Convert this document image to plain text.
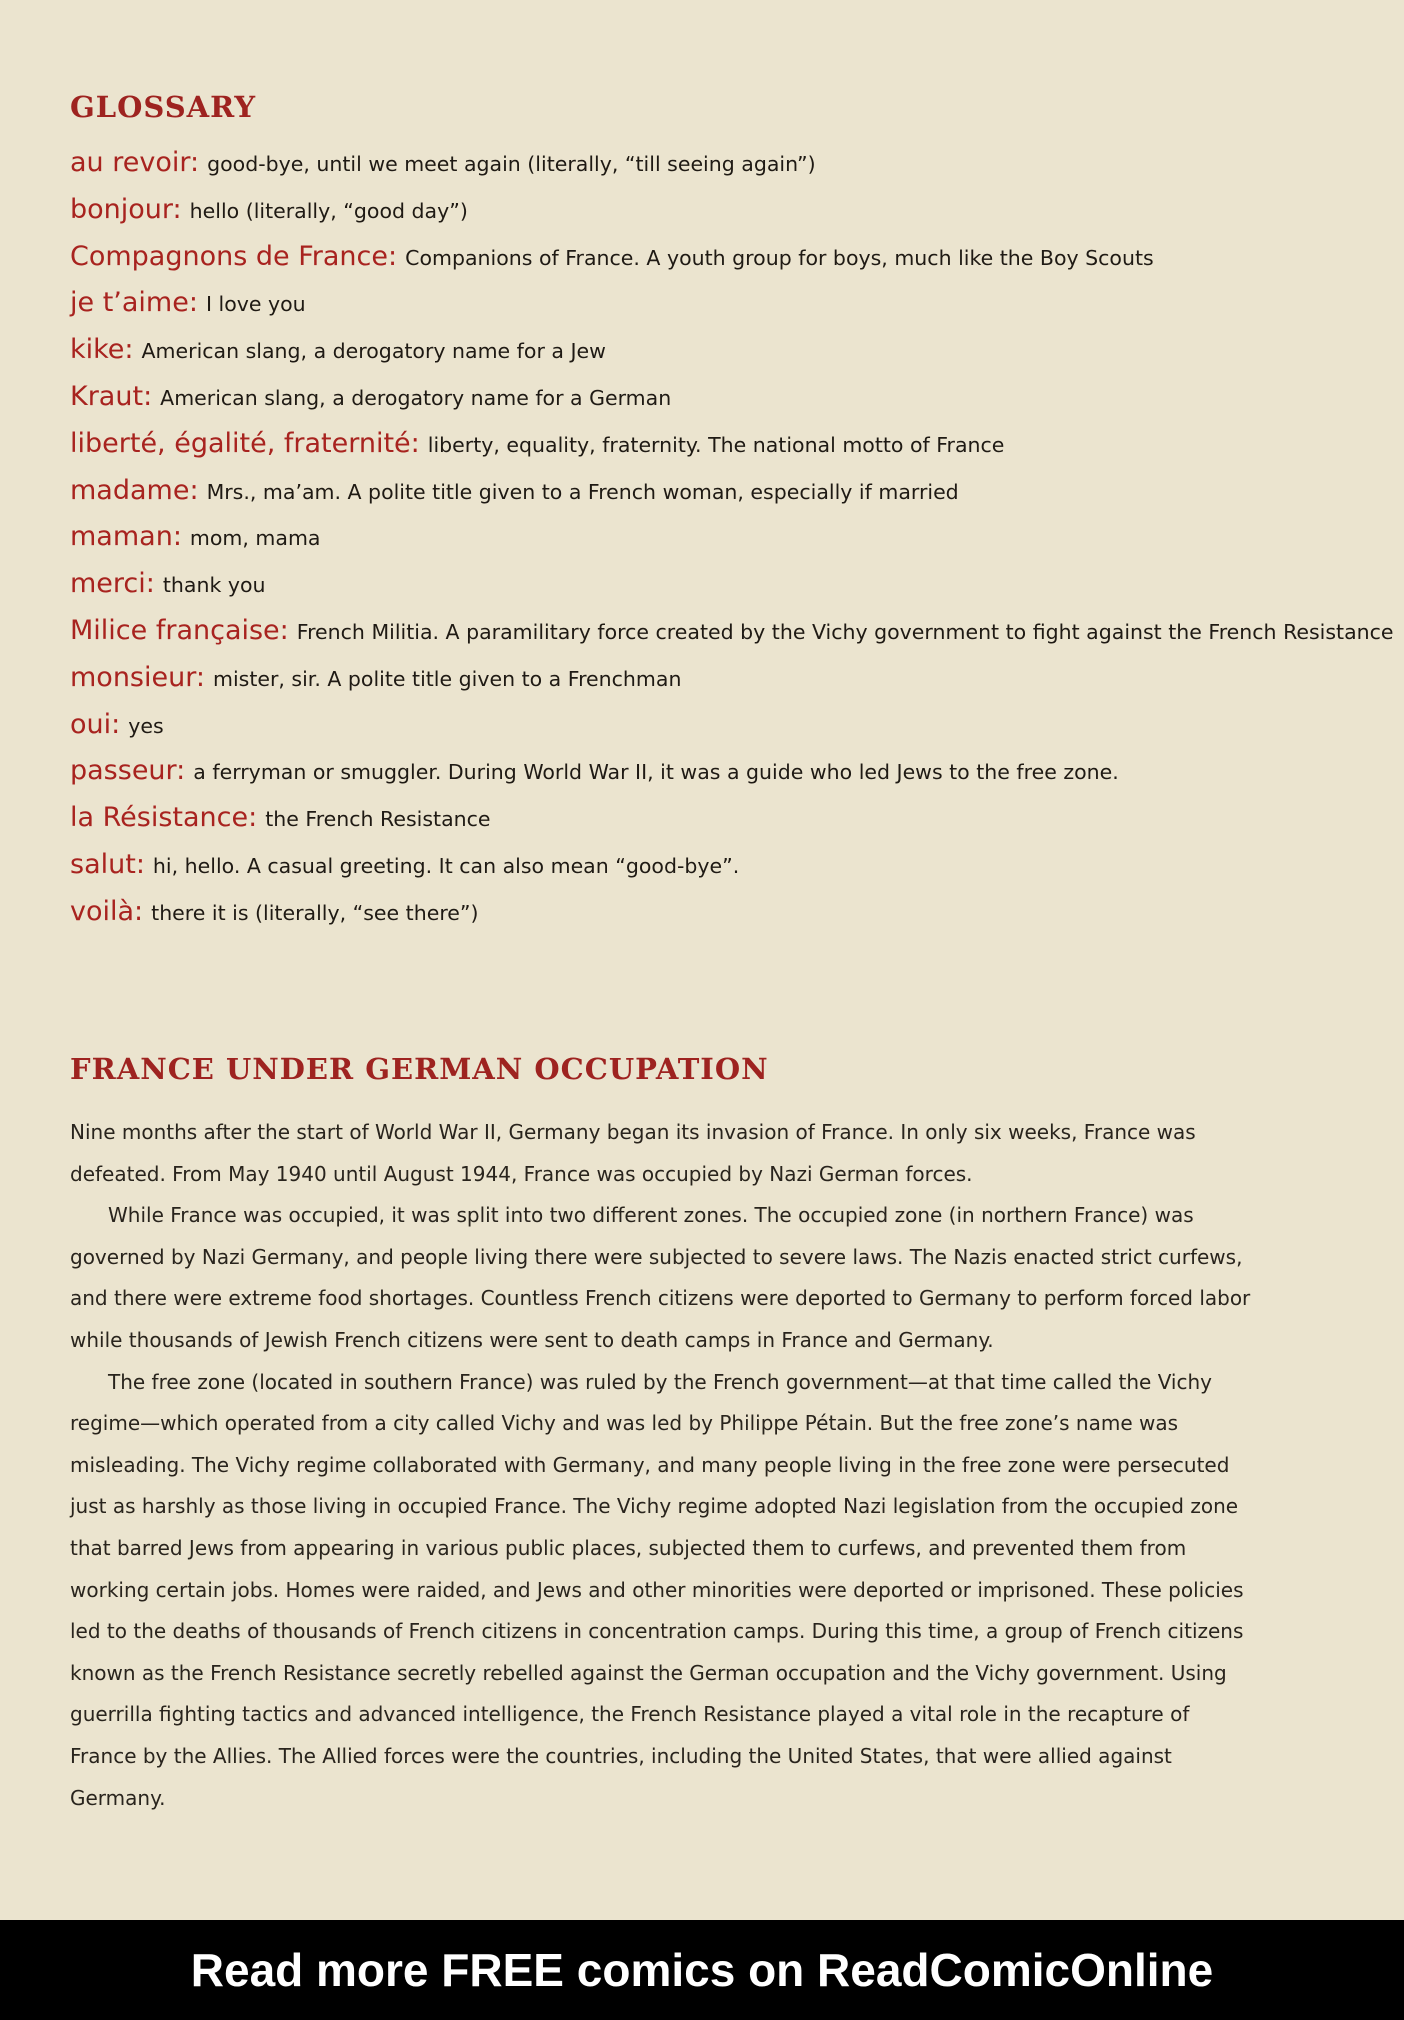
GLOSSARY
au revoir: good-bye, until we meet again (literally, “till seeing again”)
bonjour: hello (literally, “good day”)
Compagnons de France: Companions of France. A youth group for boys, much like the Boy Scouts
je t’aime: I love you
kike: American slang, a derogatory name for a Jew
Kraut: American slang, a derogatory name for a German
liberté, égalité, fraternité: liberty, equality, fraternity. The national motto of France
madame: Mrs., ma’am. A polite title given to a French woman, especially if married
maman: mom, mama
merci: thank you
Milice française: French Militia. A paramilitary force created by the Vichy government to fight against the French Resistance
monsieur: mister, sir. A polite title given to a Frenchman
oui: yes
passeur: a ferryman or smuggler. During World War II, it was a guide who led Jews to the free zone.
la Résistance: the French Resistance
salut: hi, hello. A casual greeting. It can also mean “good-bye”.
voilà: there it is (literally, “see there”)
FRANCE UNDER GERMAN OCCUPATION

Nine months after the start of World War II, Germany began its invasion of France. In only six weeks, France was defeated. From May 1940 until August 1944, France was occupied by Nazi German forces.

While France was occupied, it was split into two different zones. The occupied zone (in northern France) was governed by Nazi Germany, and people living there were subjected to severe laws. The Nazis enacted strict curfews, and there were extreme food shortages. Countless French citizens were deported to Germany to perform forced labor while thousands of Jewish French citizens were sent to death camps in France and Germany.

The free zone (located in southern France) was ruled by the French government—at that time called the Vichy regime—which operated from a city called Vichy and was led by Philippe Pétain. But the free zone’s name was misleading. The Vichy regime collaborated with Germany, and many people living in the free zone were persecuted just as harshly as those living in occupied France. The Vichy regime adopted Nazi legislation from the occupied zone that barred Jews from appearing in various public places, subjected them to curfews, and prevented them from working certain jobs. Homes were raided, and Jews and other minorities were deported or imprisoned. These policies led to the deaths of thousands of French citizens in concentration camps. During this time, a group of French citizens known as the French Resistance secretly rebelled against the German occupation and the Vichy government. Using guerrilla fighting tactics and advanced intelligence, the French Resistance played a vital role in the recapture of France by the Allies. The Allied forces were the countries, including the United States, that were allied against Germany.

Read more FREE comics on ReadComicOnline
